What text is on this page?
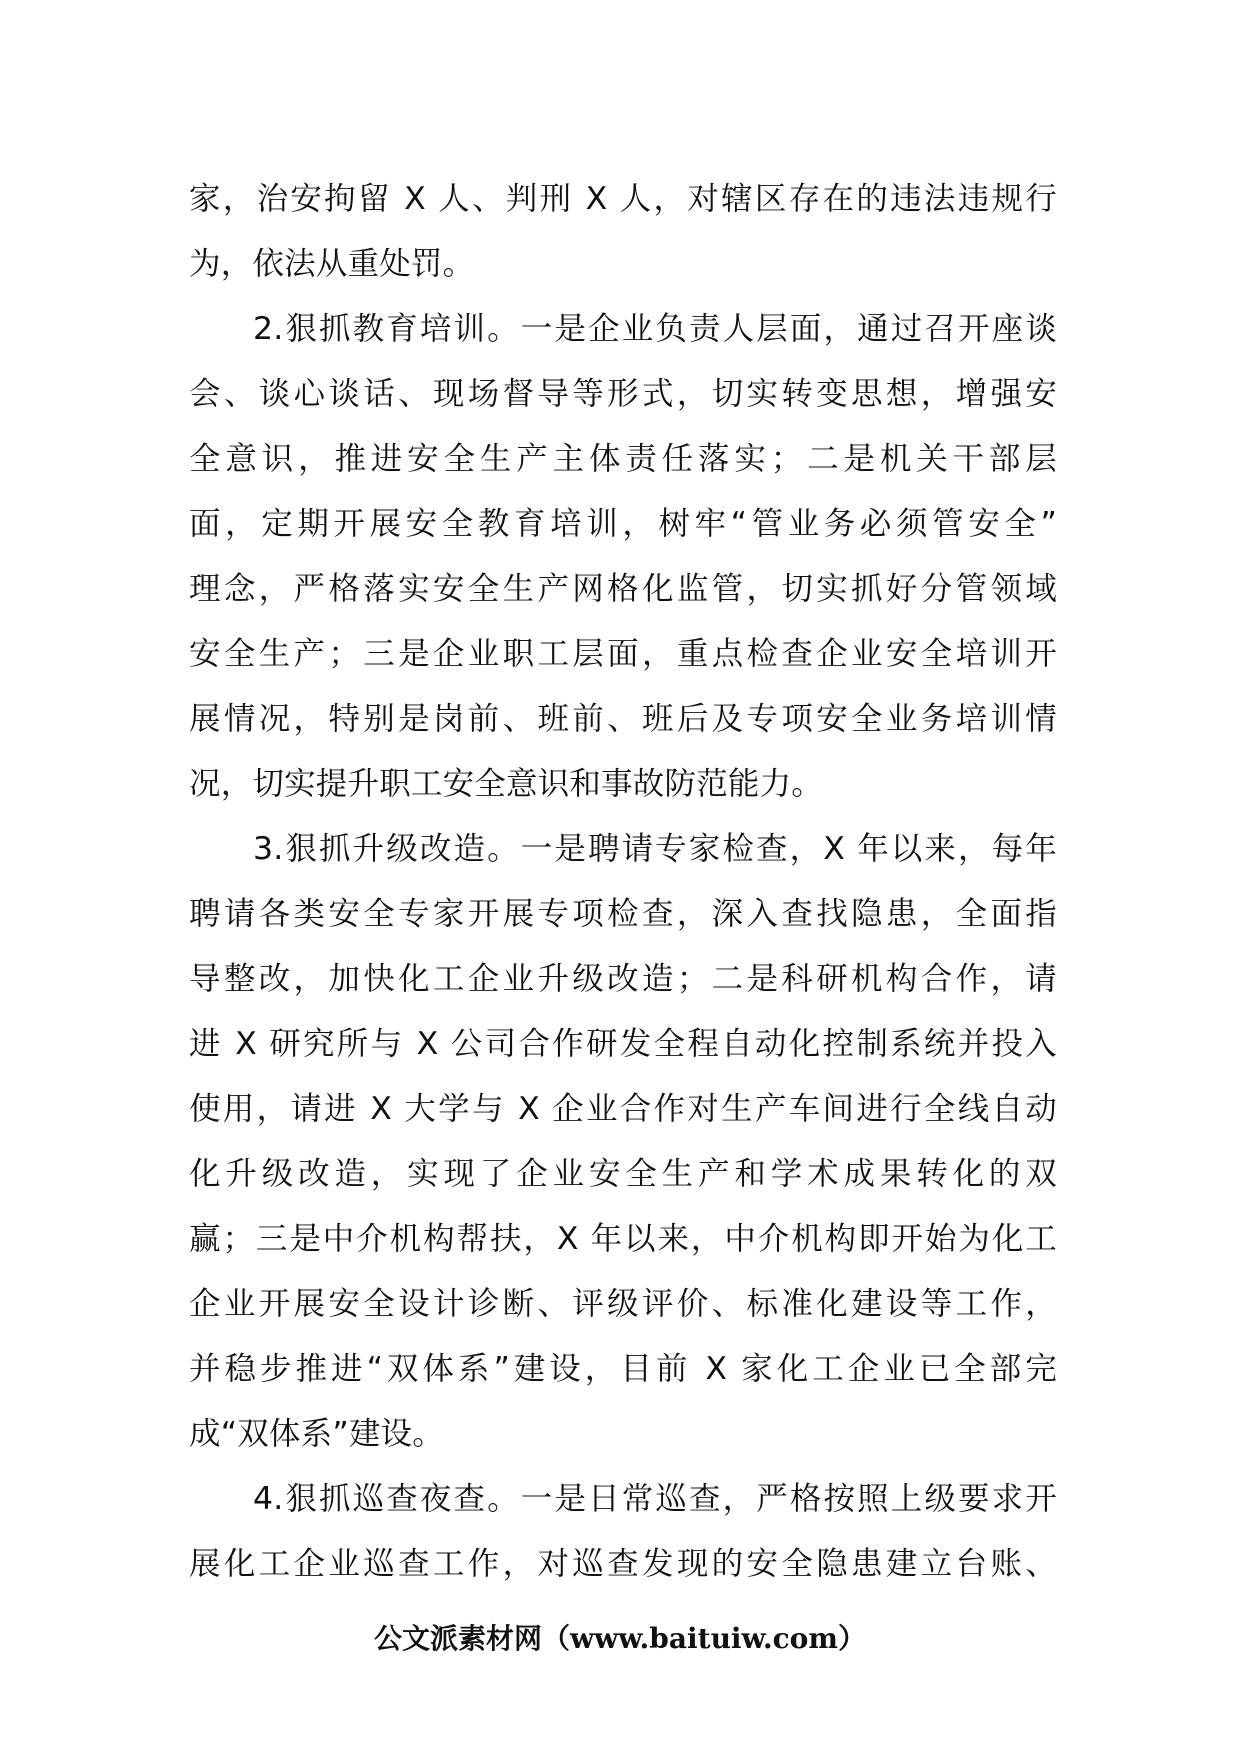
家，治安拘留 X 人、判刑 X 人，对辖区存在的违法违规行
为，依法从重处罚。
2.狠抓教育培训。一是企业负责人层面，通过召开座谈
会、谈心谈话、现场督导等形式，切实转变思想，增强安
全意识，推进安全生产主体责任落实；二是机关干部层
面，定期开展安全教育培训，树牢“管业务必须管安全”
理念，严格落实安全生产网格化监管，切实抓好分管领域
安全生产；三是企业职工层面，重点检查企业安全培训开
展情况，特别是岗前、班前、班后及专项安全业务培训情
况，切实提升职工安全意识和事故防范能力。
3.狠抓升级改造。一是聘请专家检查，X 年以来，每年
聘请各类安全专家开展专项检查，深入查找隐患，全面指
导整改，加快化工企业升级改造；二是科研机构合作，请
进 X 研究所与 X 公司合作研发全程自动化控制系统并投入
使用，请进 X 大学与 X 企业合作对生产车间进行全线自动
化升级改造，实现了企业安全生产和学术成果转化的双
赢；三是中介机构帮扶，X 年以来，中介机构即开始为化工
企业开展安全设计诊断、评级评价、标准化建设等工作，
并稳步推进“双体系”建设，目前 X 家化工企业已全部完
成“双体系”建设。
4.狠抓巡查夜查。一是日常巡查，严格按照上级要求开
展化工企业巡查工作，对巡查发现的安全隐患建立台账、
公文派素材网（www.baituiw.com）
